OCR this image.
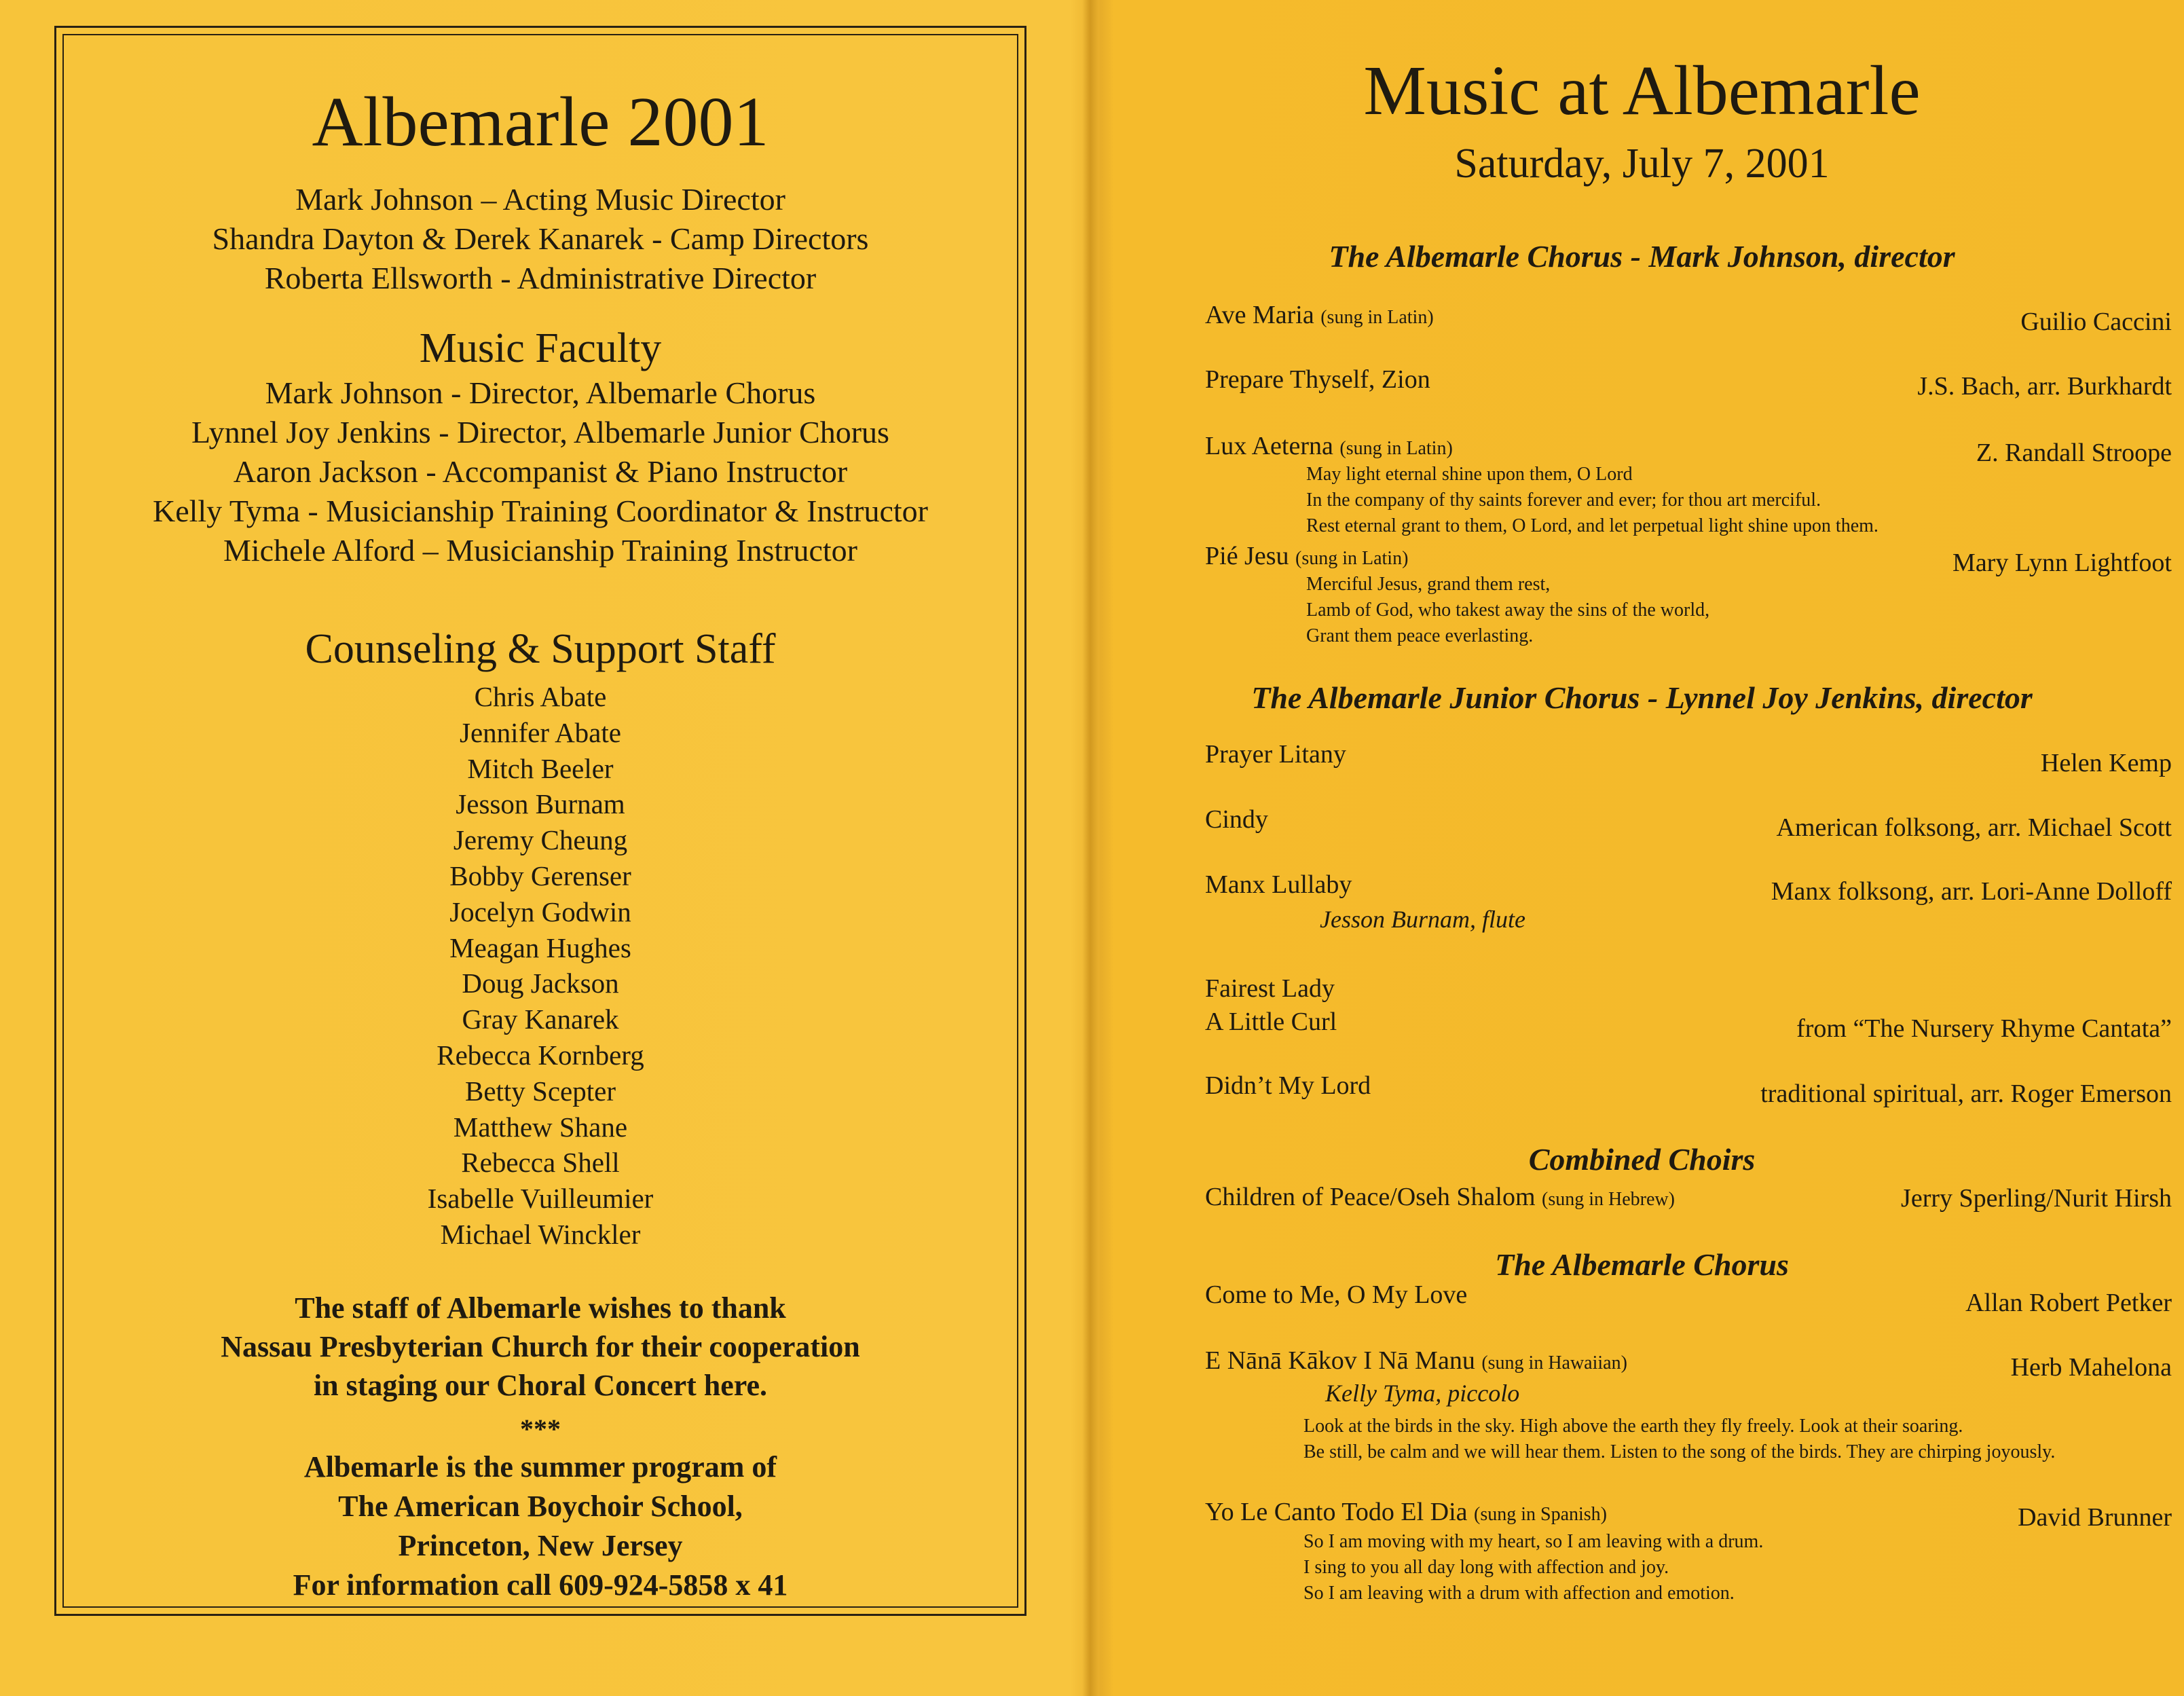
Albemarle 2001
Mark Johnson – Acting Music Director
Shandra Dayton & Derek Kanarek - Camp Directors
Roberta Ellsworth - Administrative Director
Music Faculty
Mark Johnson - Director, Albemarle Chorus
Lynnel Joy Jenkins - Director, Albemarle Junior Chorus
Aaron Jackson - Accompanist & Piano Instructor
Kelly Tyma - Musicianship Training Coordinator & Instructor
Michele Alford – Musicianship Training Instructor
Counseling & Support Staff
Chris Abate
Jennifer Abate
Mitch Beeler
Jesson Burnam
Jeremy Cheung
Bobby Gerenser
Jocelyn Godwin
Meagan Hughes
Doug Jackson
Gray Kanarek
Rebecca Kornberg
Betty Scepter
Matthew Shane
Rebecca Shell
Isabelle Vuilleumier
Michael Winckler
The staff of Albemarle wishes to thank
Nassau Presbyterian Church for their cooperation
in staging our Choral Concert here.
***
Albemarle is the summer program of
The American Boychoir School,
Princeton, New Jersey
For information call 609-924-5858 x 41
Music at Albemarle
Saturday, July 7, 2001
The Albemarle Chorus - Mark Johnson, director
Ave Maria (sung in Latin)	Guilio Caccini
Prepare Thyself, Zion	J.S. Bach, arr. Burkhardt
Lux Aeterna (sung in Latin)	Z. Randall Stroope
May light eternal shine upon them, O Lord
In the company of thy saints forever and ever; for thou art merciful.
Rest eternal grant to them, O Lord, and let perpetual light shine upon them.
Pié Jesu (sung in Latin)	Mary Lynn Lightfoot
Merciful Jesus, grand them rest,
Lamb of God, who takest away the sins of the world,
Grant them peace everlasting.
The Albemarle Junior Chorus - Lynnel Joy Jenkins, director
Prayer Litany	Helen Kemp
Cindy	American folksong, arr. Michael Scott
Manx Lullaby	Manx folksong, arr. Lori-Anne Dolloff
Jesson Burnam, flute
Fairest Lady
A Little Curl	from “The Nursery Rhyme Cantata”
Didn’t My Lord	traditional spiritual, arr. Roger Emerson
Combined Choirs
Children of Peace/Oseh Shalom (sung in Hebrew)	Jerry Sperling/Nurit Hirsh
The Albemarle Chorus
Come to Me, O My Love	Allan Robert Petker
E Nānā Kākov I Nā Manu (sung in Hawaiian)	Herb Mahelona
Kelly Tyma, piccolo
Look at the birds in the sky. High above the earth they fly freely. Look at their soaring.
Be still, be calm and we will hear them. Listen to the song of the birds. They are chirping joyously.
Yo Le Canto Todo El Dia (sung in Spanish)	David Brunner
So I am moving with my heart, so I am leaving with a drum.
I sing to you all day long with affection and joy.
So I am leaving with a drum with affection and emotion.
